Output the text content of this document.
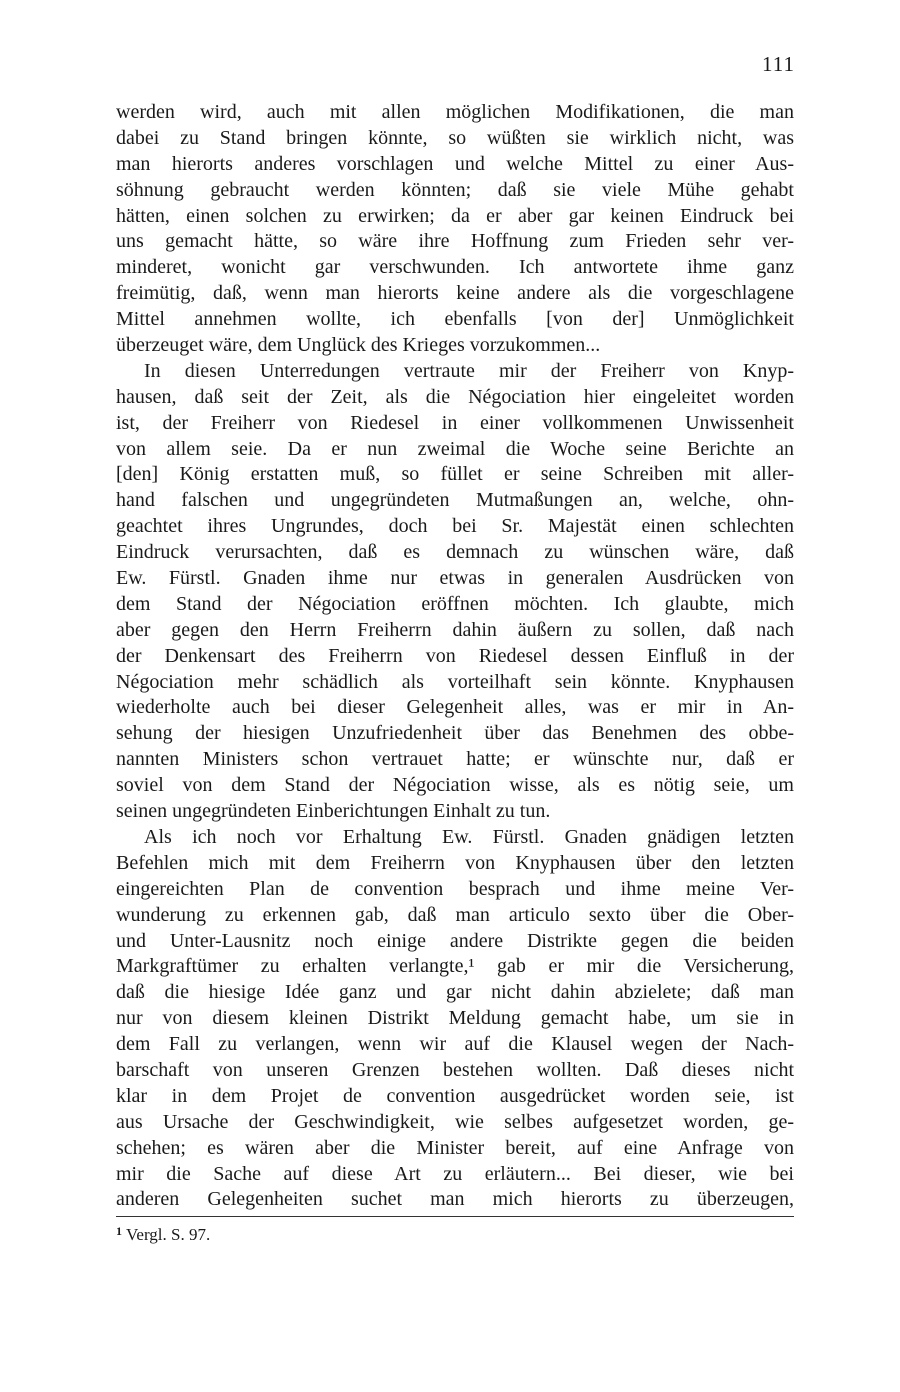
111
werden wird, auch mit allen möglichen Modifikationen, die man
dabei zu Stand bringen könnte, so wüßten sie wirklich nicht, was
man hierorts anderes vorschlagen und welche Mittel zu einer Aus-
söhnung gebraucht werden könnten; daß sie viele Mühe gehabt
hätten, einen solchen zu erwirken; da er aber gar keinen Eindruck bei
uns gemacht hätte, so wäre ihre Hoffnung zum Frieden sehr ver-
minderet, wonicht gar verschwunden. Ich antwortete ihme ganz
freimütig, daß, wenn man hierorts keine andere als die vorgeschlagene
Mittel annehmen wollte, ich ebenfalls [von der] Unmöglichkeit
überzeuget wäre, dem Unglück des Krieges vorzukommen...
In diesen Unterredungen vertraute mir der Freiherr von Knyp-
hausen, daß seit der Zeit, als die Négociation hier eingeleitet worden
ist, der Freiherr von Riedesel in einer vollkommenen Unwissenheit
von allem seie. Da er nun zweimal die Woche seine Berichte an
[den] König erstatten muß, so füllet er seine Schreiben mit aller-
hand falschen und ungegründeten Mutmaßungen an, welche, ohn-
geachtet ihres Ungrundes, doch bei Sr. Majestät einen schlechten
Eindruck verursachten, daß es demnach zu wünschen wäre, daß
Ew. Fürstl. Gnaden ihme nur etwas in generalen Ausdrücken von
dem Stand der Négociation eröffnen möchten. Ich glaubte, mich
aber gegen den Herrn Freiherrn dahin äußern zu sollen, daß nach
der Denkensart des Freiherrn von Riedesel dessen Einfluß in der
Négociation mehr schädlich als vorteilhaft sein könnte. Knyphausen
wiederholte auch bei dieser Gelegenheit alles, was er mir in An-
sehung der hiesigen Unzufriedenheit über das Benehmen des obbe-
nannten Ministers schon vertrauet hatte; er wünschte nur, daß er
soviel von dem Stand der Négociation wisse, als es nötig seie, um
seinen ungegründeten Einberichtungen Einhalt zu tun.
Als ich noch vor Erhaltung Ew. Fürstl. Gnaden gnädigen letzten
Befehlen mich mit dem Freiherrn von Knyphausen über den letzten
eingereichten Plan de convention besprach und ihme meine Ver-
wunderung zu erkennen gab, daß man articulo sexto über die Ober-
und Unter-Lausnitz noch einige andere Distrikte gegen die beiden
Markgraftümer zu erhalten verlangte,¹ gab er mir die Versicherung,
daß die hiesige Idée ganz und gar nicht dahin abzielete; daß man
nur von diesem kleinen Distrikt Meldung gemacht habe, um sie in
dem Fall zu verlangen, wenn wir auf die Klausel wegen der Nach-
barschaft von unseren Grenzen bestehen wollten. Daß dieses nicht
klar in dem Projet de convention ausgedrücket worden seie, ist
aus Ursache der Geschwindigkeit, wie selbes aufgesetzet worden, ge-
schehen; es wären aber die Minister bereit, auf eine Anfrage von
mir die Sache auf diese Art zu erläutern... Bei dieser, wie bei
anderen Gelegenheiten suchet man mich hierorts zu überzeugen,
$^1$ Vergl. S. 97.
